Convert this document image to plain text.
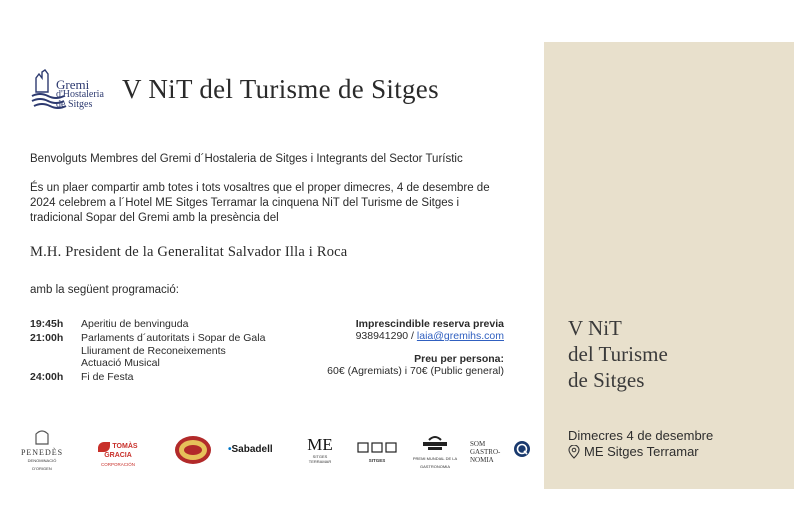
Gremi
d'Hostaleria
de Sitges
V NiT del Turisme de Sitges
Benvolguts Membres del Gremi d´Hostaleria de Sitges i Integrants del Sector Turístic
És un plaer compartir amb totes i tots vosaltres que el proper dimecres, 4 de desembre de 2024 celebrem a l´Hotel ME Sitges Terramar la cinquena NiT del Turisme de Sitges i tradicional Sopar del Gremi amb la presència del
M.H. President de la Generalitat Salvador Illa i Roca
amb la següent programació:
19:45h Aperitiu de benvinguda
21:00h Parlaments d´autoritats i Sopar de Gala
Lliurament de Reconeixements
Actuació Musical
24:00h Fi de Festa
Imprescindible reserva previa
938941290 / laia@gremihs.com
Preu per persona:
60€ (Agremiats) i 70€ (Public general)
PENEDÈS
DENOMINACIÓ D'ORIGEN
TOMÀS GRACIA
CORPORACIÓN
•Sabadell	ME
SITGES TERRAMAR	SITGES	PREMI MUNDIAL DE LA GASTRONOMIA
SOM
GASTRO-
NOMIA
V NiT
del Turisme
de Sitges
Dimecres 4 de desembre
ME Sitges Terramar
